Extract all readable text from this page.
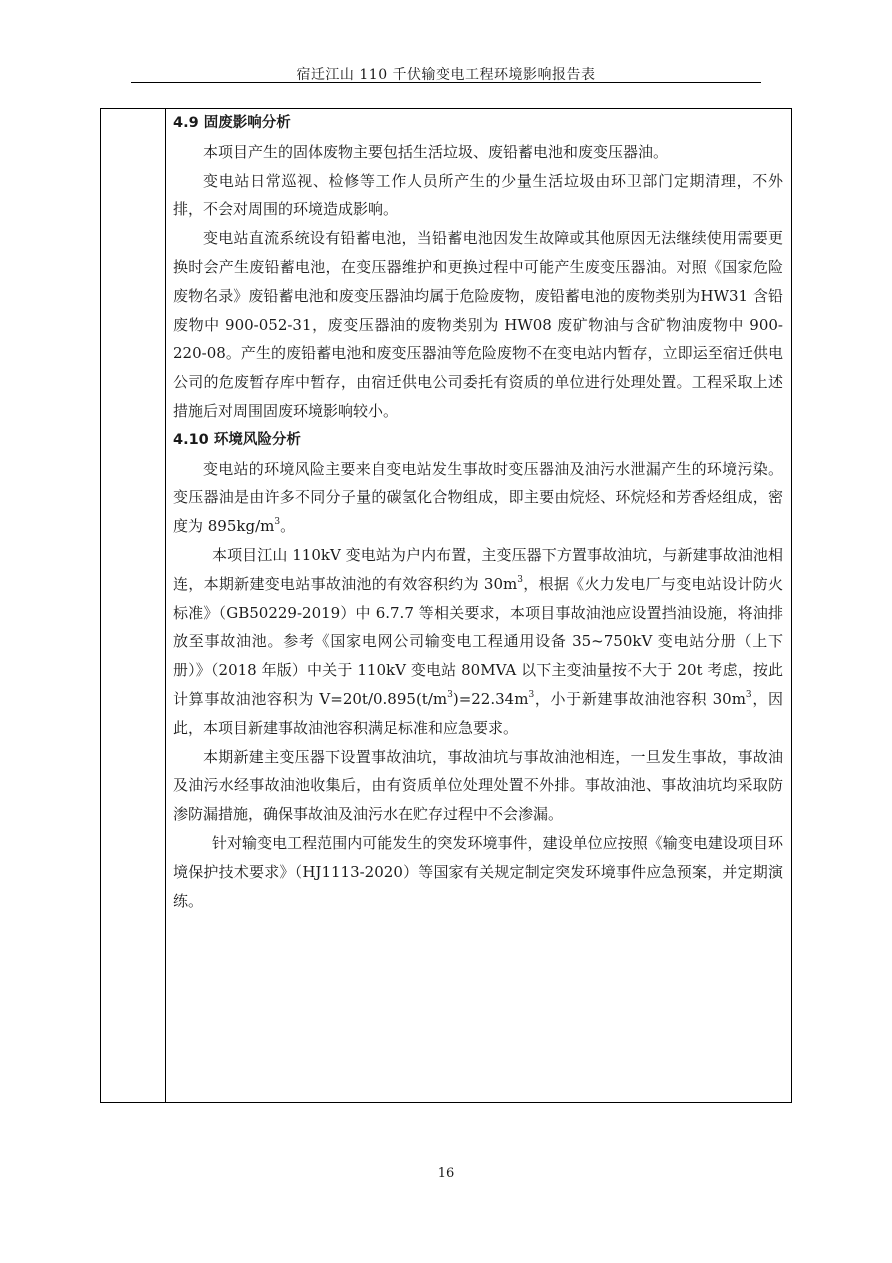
宿迁江山 110 千伏输变电工程环境影响报告表

4.9 固废影响分析

本项目产生的固体废物主要包括生活垃圾、废铅蓄电池和废变压器油。

变电站日常巡视、检修等工作人员所产生的少量生活垃圾由环卫部门定期清理，不外排，不会对周围的环境造成影响。

变电站直流系统设有铅蓄电池，当铅蓄电池因发生故障或其他原因无法继续使用需要更换时会产生废铅蓄电池，在变压器维护和更换过程中可能产生废变压器油。对照《国家危险废物名录》废铅蓄电池和废变压器油均属于危险废物，废铅蓄电池的废物类别为HW31 含铅废物中 900-052-31，废变压器油的废物类别为 HW08 废矿物油与含矿物油废物中 900-220-08。产生的废铅蓄电池和废变压器油等危险废物不在变电站内暂存，立即运至宿迁供电公司的危废暂存库中暂存，由宿迁供电公司委托有资质的单位进行处理处置。工程采取上述措施后对周围固废环境影响较小。

4.10 环境风险分析

变电站的环境风险主要来自变电站发生事故时变压器油及油污水泄漏产生的环境污染。变压器油是由许多不同分子量的碳氢化合物组成，即主要由烷烃、环烷烃和芳香烃组成，密度为 $895kg/m^3$。

本项目江山 110kV 变电站为户内布置，主变压器下方置事故油坑，与新建事故油池相连，本期新建变电站事故油池的有效容积约为 $30m^3$，根据《火力发电厂与变电站设计防火标准》（GB50229-2019）中 6.7.7 等相关要求，本项目事故油池应设置挡油设施，将油排放至事故油池。参考《国家电网公司输变电工程通用设备 35~750kV 变电站分册（上下册）》（2018 年版）中关于 110kV 变电站 80MVA 以下主变油量按不大于 20t 考虑，按此计算事故油池容积为 $V=20t/0.895(t/m^3)=22.34m^3$，小于新建事故油池容积 $30m^3$，因此，本项目新建事故油池容积满足标准和应急要求。

本期新建主变压器下设置事故油坑，事故油坑与事故油池相连，一旦发生事故，事故油及油污水经事故油池收集后，由有资质单位处理处置不外排。事故油池、事故油坑均采取防渗防漏措施，确保事故油及油污水在贮存过程中不会渗漏。

针对输变电工程范围内可能发生的突发环境事件，建设单位应按照《输变电建设项目环境保护技术要求》（HJ1113-2020）等国家有关规定制定突发环境事件应急预案，并定期演练。

16
